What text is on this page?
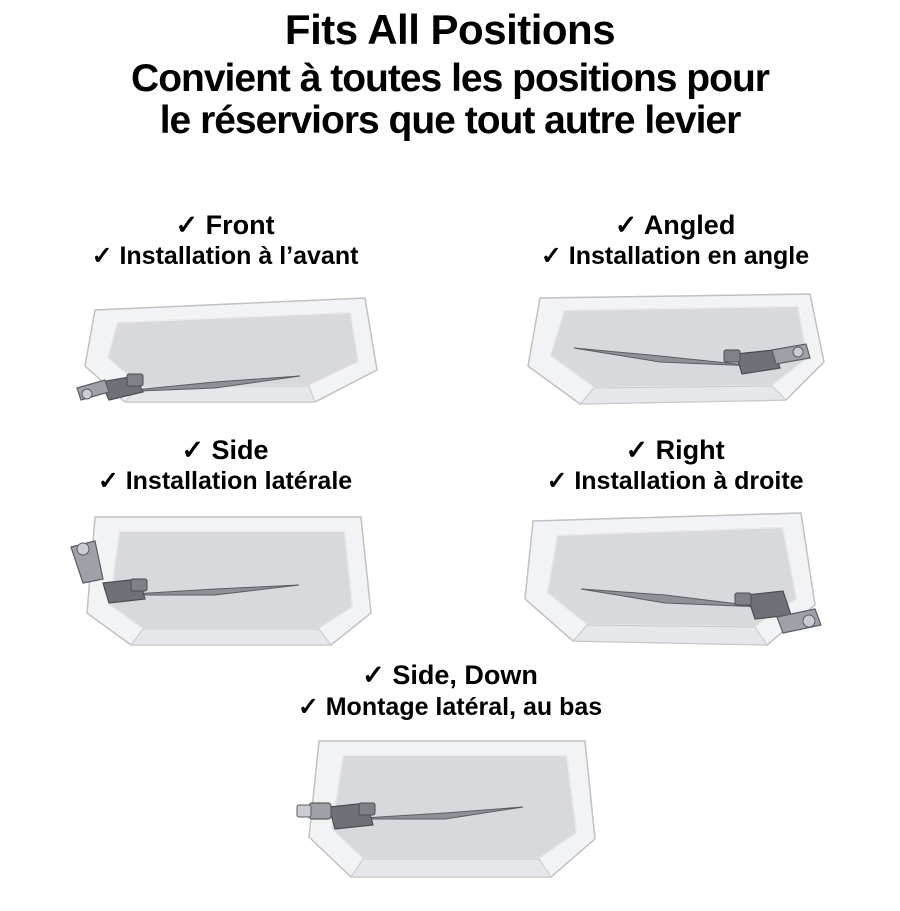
Fits All Positions
Convient à toutes les positions pour
le réserviors que tout autre levier

✓ Front

✓ Installation à l’avant

✓ Angled

✓ Installation en angle

✓ Side

✓ Installation latérale

✓ Right

✓ Installation à droite

✓ Side, Down

✓ Montage latéral, au bas
